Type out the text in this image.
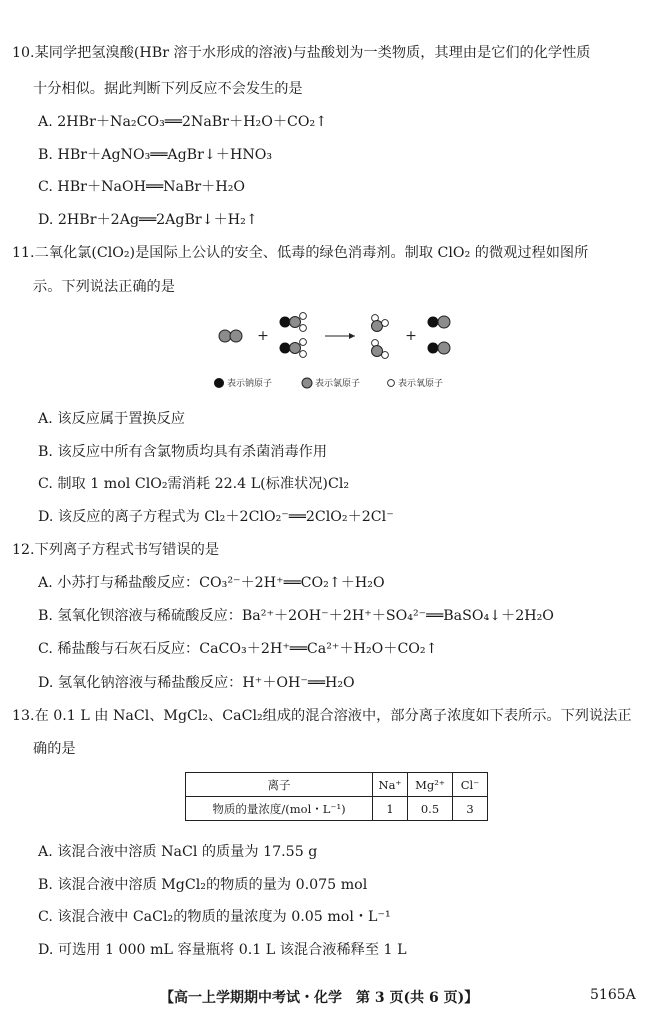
10.某同学把氢溴酸(HBr 溶于水形成的溶液)与盐酸划为一类物质，其理由是它们的化学性质
十分相似。据此判断下列反应不会发生的是
A. 2HBr＋Na₂CO₃══2NaBr＋H₂O＋CO₂↑
B. HBr＋AgNO₃══AgBr↓＋HNO₃
C. HBr＋NaOH══NaBr＋H₂O
D. 2HBr＋2Ag══2AgBr↓＋H₂↑
11.二氧化氯(ClO₂)是国际上公认的安全、低毒的绿色消毒剂。制取 ClO₂ 的微观过程如图所
示。下列说法正确的是
+	+
表示钠原子	表示氯原子	表示氧原子
A. 该反应属于置换反应
B. 该反应中所有含氯物质均具有杀菌消毒作用
C. 制取 1 mol ClO₂需消耗 22.4 L(标准状况)Cl₂
D. 该反应的离子方程式为 Cl₂＋2ClO₂⁻══2ClO₂＋2Cl⁻
12.下列离子方程式书写错误的是
A. 小苏打与稀盐酸反应：CO₃²⁻＋2H⁺══CO₂↑＋H₂O
B. 氢氧化钡溶液与稀硫酸反应：Ba²⁺＋2OH⁻＋2H⁺＋SO₄²⁻══BaSO₄↓＋2H₂O
C. 稀盐酸与石灰石反应：CaCO₃＋2H⁺══Ca²⁺＋H₂O＋CO₂↑
D. 氢氧化钠溶液与稀盐酸反应：H⁺＋OH⁻══H₂O
13.在 0.1 L 由 NaCl、MgCl₂、CaCl₂组成的混合溶液中，部分离子浓度如下表所示。下列说法正
确的是
离子	Na⁺	Mg²⁺	Cl⁻
物质的量浓度/(mol・L⁻¹)	1	0.5	3
A. 该混合液中溶质 NaCl 的质量为 17.55 g
B. 该混合液中溶质 MgCl₂的物质的量为 0.075 mol
C. 该混合液中 CaCl₂的物质的量浓度为 0.05 mol・L⁻¹
D. 可选用 1 000 mL 容量瓶将 0.1 L 该混合液稀释至 1 L
【高一上学期期中考试・化学　第 3 页(共 6 页)】	5165A
